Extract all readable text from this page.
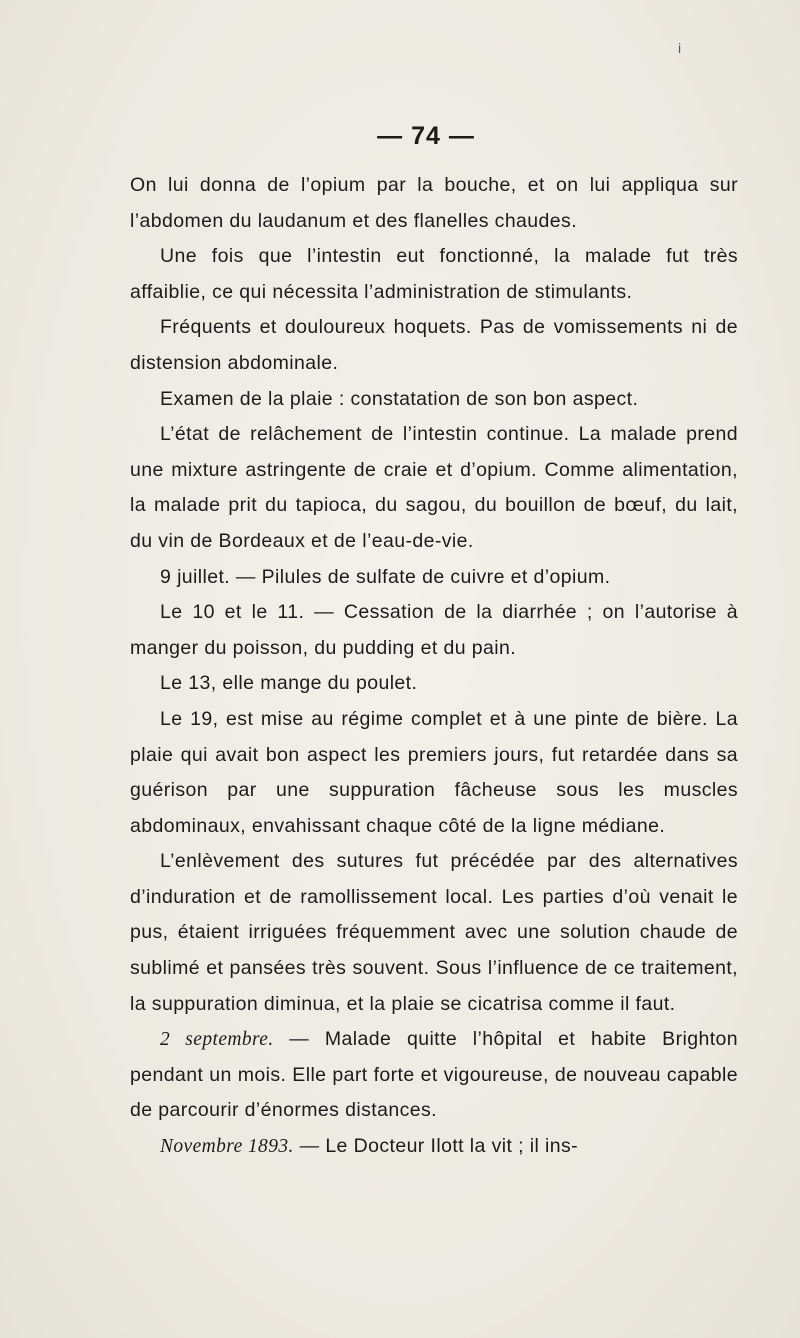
i
— 74 —

On lui donna de l’opium par la bouche, et on lui appliqua sur l’abdomen du laudanum et des flanelles chaudes.

Une fois que l’intestin eut fonctionné, la malade fut très affaiblie, ce qui nécessita l’administration de stimulants.

Fréquents et douloureux hoquets. Pas de vomissements ni de distension abdominale.

Examen de la plaie : constatation de son bon aspect.

L’état de relâchement de l’intestin continue. La malade prend une mixture astringente de craie et d’opium. Comme alimentation, la malade prit du tapioca, du sagou, du bouillon de bœuf, du lait, du vin de Bordeaux et de l’eau-de-vie.

9 juillet. — Pilules de sulfate de cuivre et d’opium.

Le 10 et le 11. — Cessation de la diarrhée ; on l’autorise à manger du poisson, du pudding et du pain.

Le 13, elle mange du poulet.

Le 19, est mise au régime complet et à une pinte de bière. La plaie qui avait bon aspect les premiers jours, fut retardée dans sa guérison par une suppuration fâcheuse sous les muscles abdominaux, envahissant chaque côté de la ligne médiane.

L’enlèvement des sutures fut précédée par des alternatives d’induration et de ramollissement local. Les parties d’où venait le pus, étaient irriguées fréquemment avec une solution chaude de sublimé et pansées très souvent. Sous l’influence de ce traitement, la suppuration diminua, et la plaie se cicatrisa comme il faut.

2 septembre. — Malade quitte l’hôpital et habite Brighton pendant un mois. Elle part forte et vigoureuse, de nouveau capable de parcourir d’énormes distances.

Novembre 1893. — Le Docteur Ilott la vit ; il ins-
